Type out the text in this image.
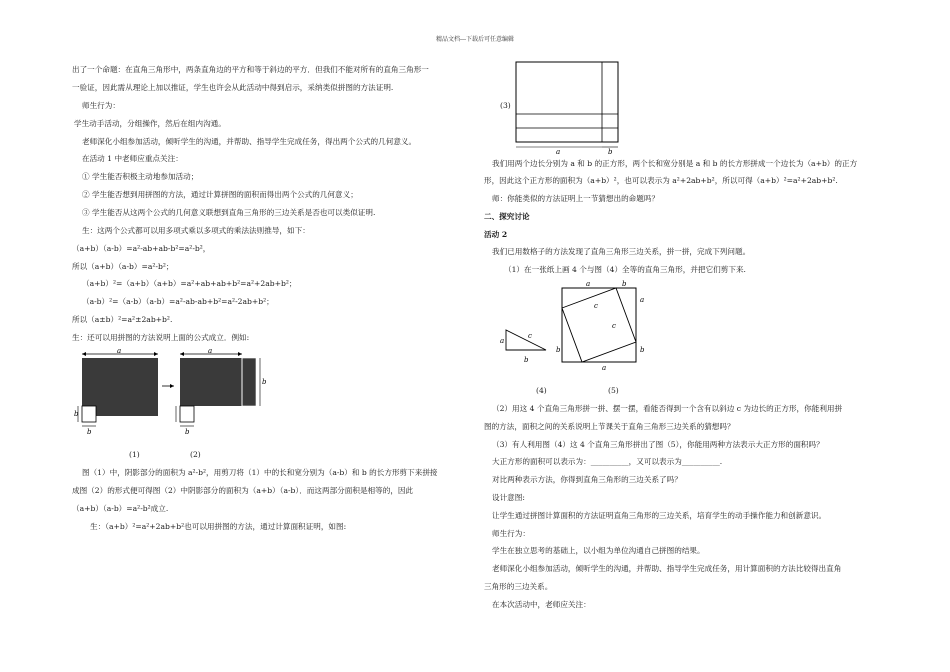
精品文档---下载后可任意编辑
出了一个命题：在直角三角形中，两条直角边的平方和等于斜边的平方．但我们不能对所有的直角三角形一
一验证，因此需从理论上加以推证，学生也许会从此活动中得到启示，采纳类似拼图的方法证明.
师生行为：
学生动手活动，分组操作，然后在组内沟通。
老师深化小组参加活动，倾听学生的沟通，并帮助、指导学生完成任务，得出两个公式的几何意义。
在活动 1 中老师应重点关注：
① 学生能否积极主动地参加活动；
② 学生能否想到用拼图的方法，通过计算拼图的面积而得出两个公式的几何意义；
③ 学生能否从这两个公式的几何意义联想到直角三角形的三边关系是否也可以类似证明.
生：这两个公式都可以用多项式乘以多项式的乘法法则推导，如下：
（a+b）（a-b）=a²-ab+ab-b²=a²-b²，
所以（a+b）（a-b）=a²-b²；
（a+b）²=（a+b）（a+b）=a²+ab+ab+b²=a²+2ab+b²；
（a-b）²=（a-b）（a-b）=a²-ab-ab+b²=a²-2ab+b²；
所以（a±b）²=a²±2ab+b².
生：还可以用拼图的方法说明上面的公式成立．例如:
a
b
b
a
b
b
(1)	(2)
图（1）中，阴影部分的面积为 a²-b²，用剪刀将（1）中的长和宽分别为（a-b）和 b 的长方形剪下来拼接
成图（2）的形式便可得图（2）中阴影部分的面积为（a+b）（a-b）．而这两部分面积是相等的，因此
（a+b）（a-b）=a²-b²成立.
生：（a+b）²=a²+2ab+b²也可以用拼图的方法，通过计算面积证明，如图:
(3)
a	b
我们用两个边长分别为 a 和 b 的正方形，两个长和宽分别是 a 和 b 的长方形拼成一个边长为（a+b）的正方
形，因此这个正方形的面积为（a+b）²，也可以表示为 a²+2ab+b²，所以可得（a+b）²=a²+2ab+b².
师：你能类似的方法证明上一节猜想出的命题吗？
二、探究讨论
活动 2
我们已用数格子的方法发现了直角三角形三边关系，拼一拼，完成下列问题。
（1）在一张纸上画 4 个与图（4）全等的直角三角形，并把它们剪下来.
c
a
b
a	b
c
c
a
b
b
a
(4)	(5)
（2）用这 4 个直角三角形拼一拼、摆一摆，看能否得到一个含有以斜边 c 为边长的正方形，你能利用拼
图的方法，面积之间的关系说明上节课关于直角三角形三边关系的猜想吗？
（3）有人利用图（4）这 4 个直角三角形拼出了图（5），你能用两种方法表示大正方形的面积吗？
大正方形的面积可以表示为：__________，又可以表示为__________.
对比两种表示方法，你得到直角三角形的三边关系了吗？
设计意图:
让学生通过拼图计算面积的方法证明直角三角形的三边关系，培育学生的动手操作能力和创新意识。
师生行为：
学生在独立思考的基础上，以小组为单位沟通自己拼图的结果。
老师深化小组参加活动，倾听学生的沟通，并帮助、指导学生完成任务，用计算面积的方法比较得出直角
三角形的三边关系。
在本次活动中，老师应关注：
